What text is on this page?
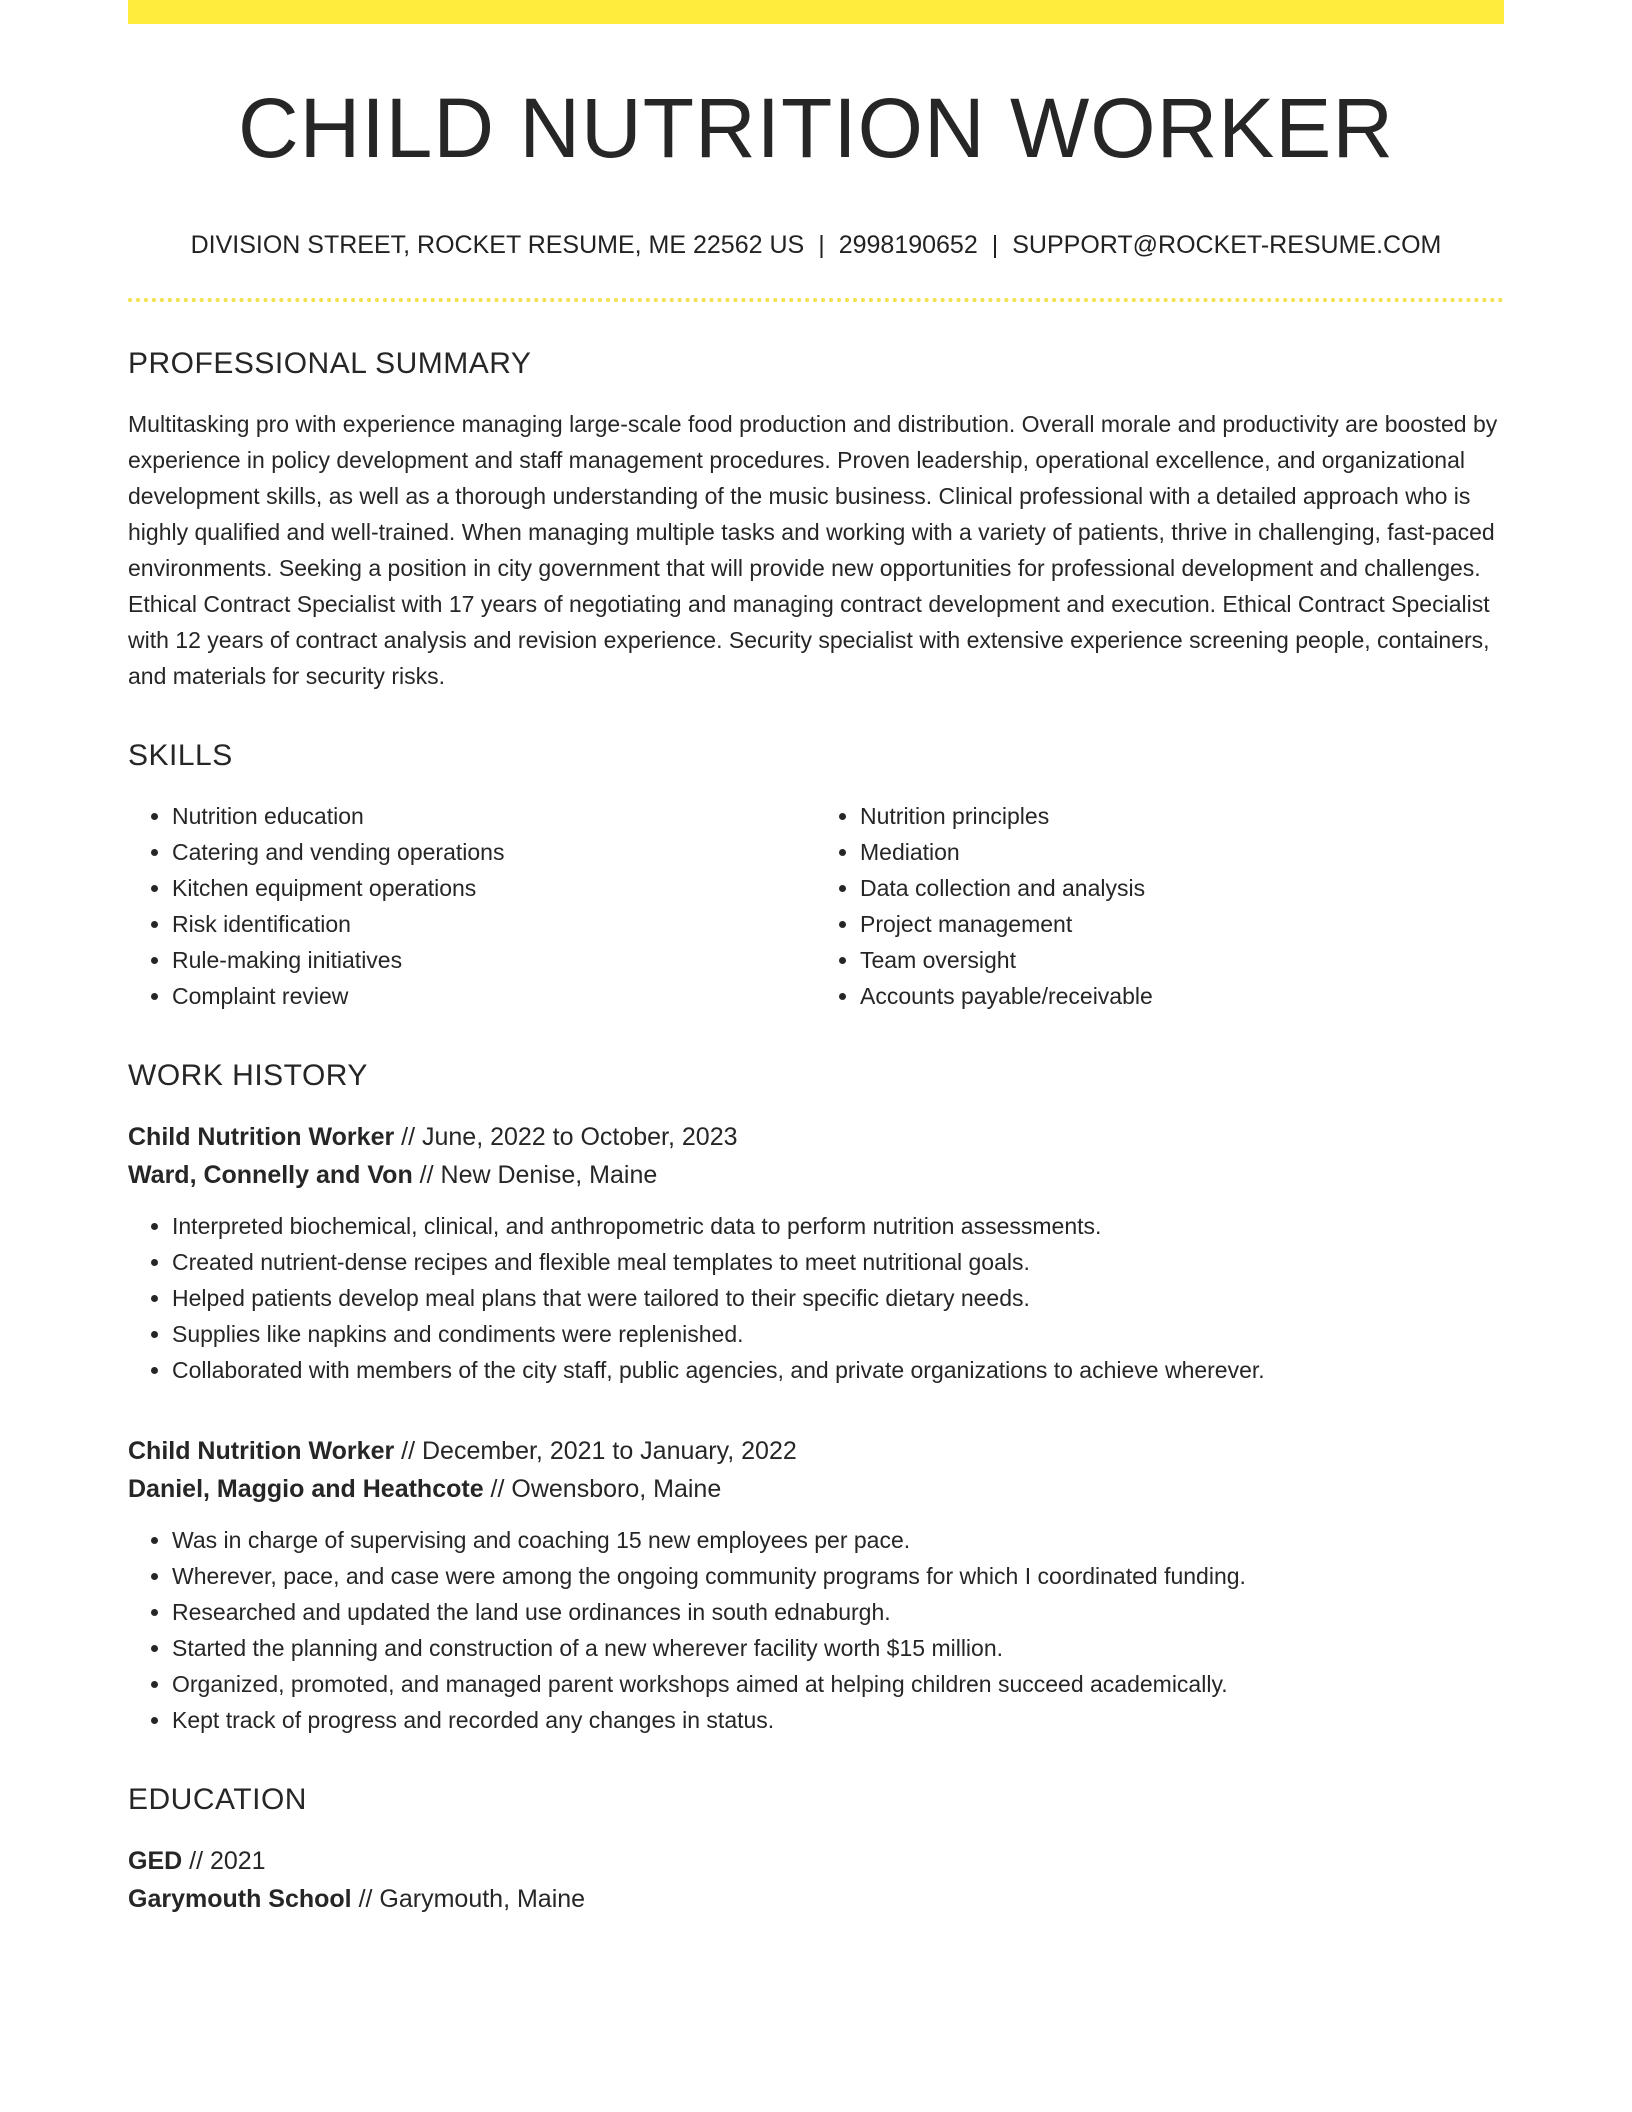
CHILD NUTRITION WORKER
DIVISION STREET, ROCKET RESUME, ME 22562 US | 2998190652 | SUPPORT@ROCKET-RESUME.COM
PROFESSIONAL SUMMARY

Multitasking pro with experience managing large-scale food production and distribution. Overall morale and productivity are boosted by experience in policy development and staff management procedures. Proven leadership, operational excellence, and organizational development skills, as well as a thorough understanding of the music business. Clinical professional with a detailed approach who is highly qualified and well-trained. When managing multiple tasks and working with a variety of patients, thrive in challenging, fast-paced environments. Seeking a position in city government that will provide new opportunities for professional development and challenges. Ethical Contract Specialist with 17 years of negotiating and managing contract development and execution. Ethical Contract Specialist with 12 years of contract analysis and revision experience. Security specialist with extensive experience screening people, containers, and materials for security risks.

SKILLS
• Nutrition education
• Catering and vending operations
• Kitchen equipment operations
• Risk identification
• Rule-making initiatives
• Complaint review
• Nutrition principles
• Mediation
• Data collection and analysis
• Project management
• Team oversight
• Accounts payable/receivable
WORK HISTORY
Child Nutrition Worker // June, 2022 to October, 2023
Ward, Connelly and Von // New Denise, Maine
• Interpreted biochemical, clinical, and anthropometric data to perform nutrition assessments.
• Created nutrient-dense recipes and flexible meal templates to meet nutritional goals.
• Helped patients develop meal plans that were tailored to their specific dietary needs.
• Supplies like napkins and condiments were replenished.
• Collaborated with members of the city staff, public agencies, and private organizations to achieve wherever.
Child Nutrition Worker // December, 2021 to January, 2022
Daniel, Maggio and Heathcote // Owensboro, Maine
• Was in charge of supervising and coaching 15 new employees per pace.
• Wherever, pace, and case were among the ongoing community programs for which I coordinated funding.
• Researched and updated the land use ordinances in south ednaburgh.
• Started the planning and construction of a new wherever facility worth $15 million.
• Organized, promoted, and managed parent workshops aimed at helping children succeed academically.
• Kept track of progress and recorded any changes in status.
EDUCATION
GED // 2021
Garymouth School // Garymouth, Maine
